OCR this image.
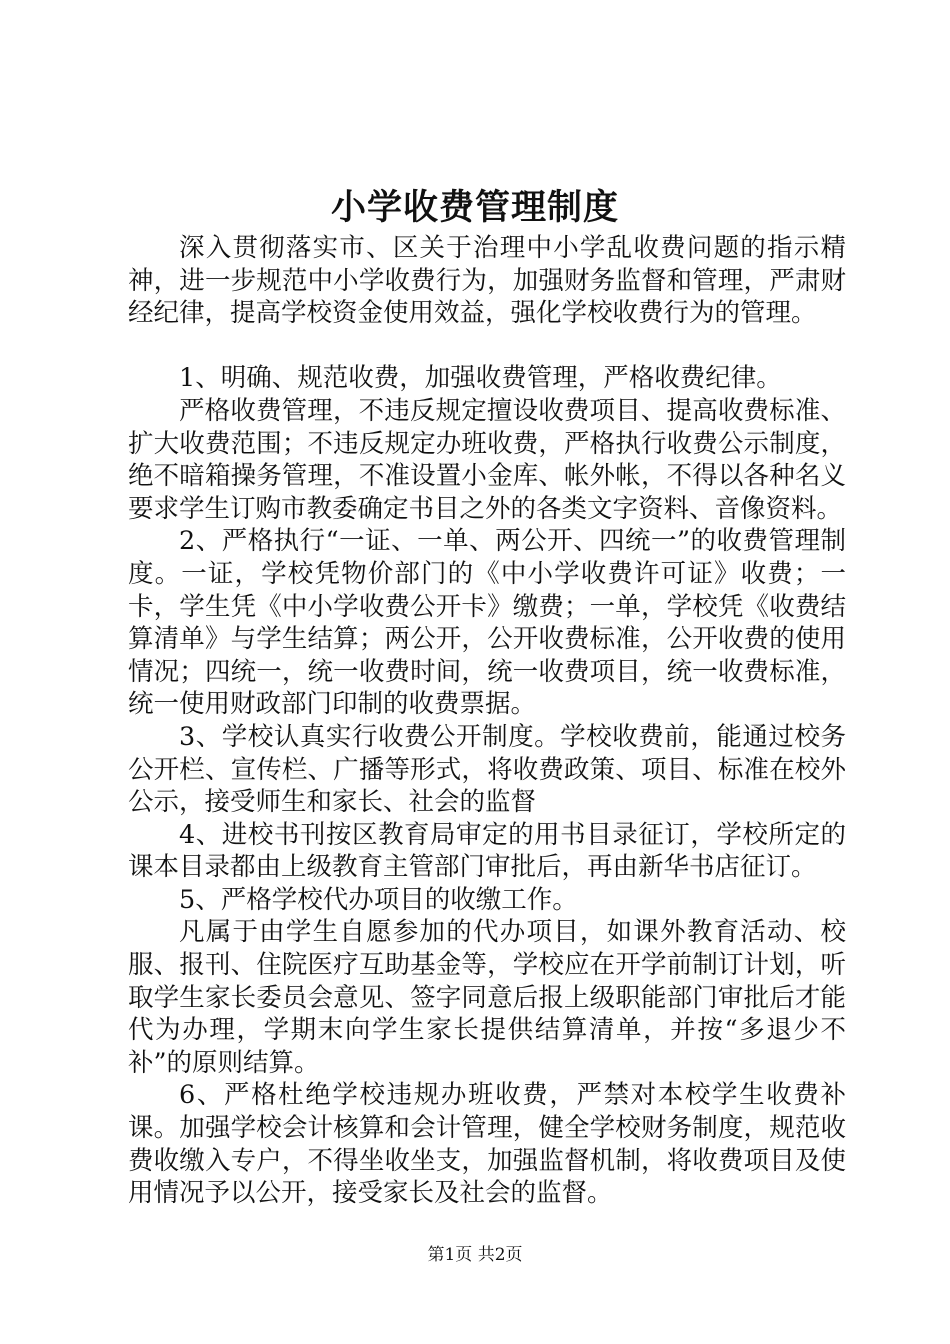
小学收费管理制度

深入贯彻落实市、区关于治理中小学乱收费问题的指示精神，进一步规范中小学收费行为，加强财务监督和管理，严肃财经纪律，提高学校资金使用效益，强化学校收费行为的管理。

1、明确、规范收费，加强收费管理，严格收费纪律。

严格收费管理，不违反规定擅设收费项目、提高收费标准、扩大收费范围；不违反规定办班收费，严格执行收费公示制度，绝不暗箱操务管理，不准设置小金库、帐外帐，不得以各种名义要求学生订购市教委确定书目之外的各类文字资料、音像资料。

2、严格执行“一证、一单、两公开、四统一”的收费管理制度。一证，学校凭物价部门的《中小学收费许可证》收费；一卡，学生凭《中小学收费公开卡》缴费；一单，学校凭《收费结算清单》与学生结算；两公开，公开收费标准，公开收费的使用情况；四统一，统一收费时间，统一收费项目，统一收费标准，统一使用财政部门印制的收费票据。

3、学校认真实行收费公开制度。学校收费前，能通过校务公开栏、宣传栏、广播等形式，将收费政策、项目、标准在校外公示，接受师生和家长、社会的监督

4、进校书刊按区教育局审定的用书目录征订，学校所定的课本目录都由上级教育主管部门审批后，再由新华书店征订。

5、严格学校代办项目的收缴工作。

凡属于由学生自愿参加的代办项目，如课外教育活动、校服、报刊、住院医疗互助基金等，学校应在开学前制订计划，听取学生家长委员会意见、签字同意后报上级职能部门审批后才能代为办理，学期末向学生家长提供结算清单，并按“多退少不补”的原则结算。

6、严格杜绝学校违规办班收费，严禁对本校学生收费补课。加强学校会计核算和会计管理，健全学校财务制度，规范收费收缴入专户，不得坐收坐支，加强监督机制，将收费项目及使用情况予以公开，接受家长及社会的监督。

第1页 共2页
